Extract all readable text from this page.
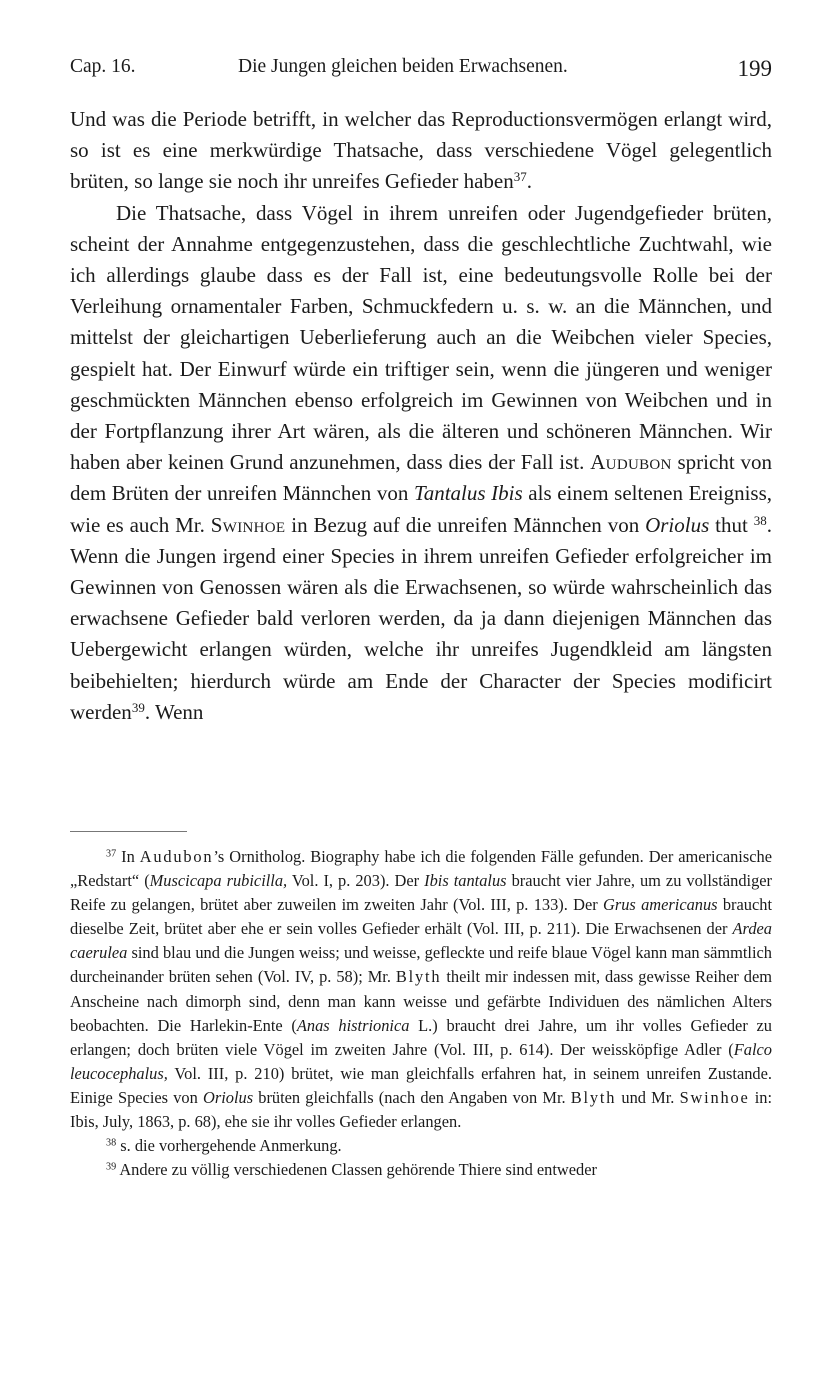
Cap. 16.	Die Jungen gleichen beiden Erwachsenen.	199

Und was die Periode betrifft, in welcher das Reproductionsvermögen erlangt wird, so ist es eine merkwürdige Thatsache, dass verschiedene Vögel gelegentlich brüten, so lange sie noch ihr unreifes Gefieder haben$^{37}$.

Die Thatsache, dass Vögel in ihrem unreifen oder Jugendgefieder brüten, scheint der Annahme entgegenzustehen, dass die geschlechtliche Zuchtwahl, wie ich allerdings glaube dass es der Fall ist, eine bedeutungsvolle Rolle bei der Verleihung ornamentaler Farben, Schmuckfedern u. s. w. an die Männchen, und mittelst der gleichartigen Ueberlieferung auch an die Weibchen vieler Species, gespielt hat. Der Einwurf würde ein triftiger sein, wenn die jüngeren und weniger geschmückten Männchen ebenso erfolgreich im Gewinnen von Weibchen und in der Fortpflanzung ihrer Art wären, als die älteren und schöneren Männchen. Wir haben aber keinen Grund anzunehmen, dass dies der Fall ist. Audubon spricht von dem Brüten der unreifen Männchen von Tantalus Ibis als einem seltenen Ereigniss, wie es auch Mr. Swinhoe in Bezug auf die unreifen Männchen von Oriolus thut $^{38}$. Wenn die Jungen irgend einer Species in ihrem unreifen Gefieder erfolgreicher im Gewinnen von Genossen wären als die Erwachsenen, so würde wahrscheinlich das erwachsene Gefieder bald verloren werden, da ja dann diejenigen Männchen das Uebergewicht erlangen würden, welche ihr unreifes Jugendkleid am längsten beibehielten; hierdurch würde am Ende der Character der Species modificirt werden$^{39}$. Wenn

$^{37}$ In Audubon’s Ornitholog. Biography habe ich die folgenden Fälle gefunden. Der americanische „Redstart“ (Muscicapa rubicilla, Vol. I, p. 203). Der Ibis tantalus braucht vier Jahre, um zu vollständiger Reife zu gelangen, brütet aber zuweilen im zweiten Jahr (Vol. III, p. 133). Der Grus americanus braucht dieselbe Zeit, brütet aber ehe er sein volles Gefieder erhält (Vol. III, p. 211). Die Erwachsenen der Ardea caerulea sind blau und die Jungen weiss; und weisse, gefleckte und reife blaue Vögel kann man sämmtlich durcheinander brüten sehen (Vol. IV, p. 58); Mr. Blyth theilt mir indessen mit, dass gewisse Reiher dem Anscheine nach dimorph sind, denn man kann weisse und gefärbte Individuen des nämlichen Alters beobachten. Die Harlekin-Ente (Anas histrionica L.) braucht drei Jahre, um ihr volles Gefieder zu erlangen; doch brüten viele Vögel im zweiten Jahre (Vol. III, p. 614). Der weissköpfige Adler (Falco leucocephalus, Vol. III, p. 210) brütet, wie man gleichfalls erfahren hat, in seinem unreifen Zustande. Einige Species von Oriolus brüten gleichfalls (nach den Angaben von Mr. Blyth und Mr. Swinhoe in: Ibis, July, 1863, p. 68), ehe sie ihr volles Gefieder erlangen.

$^{38}$ s. die vorhergehende Anmerkung.

$^{39}$ Andere zu völlig verschiedenen Classen gehörende Thiere sind entweder
